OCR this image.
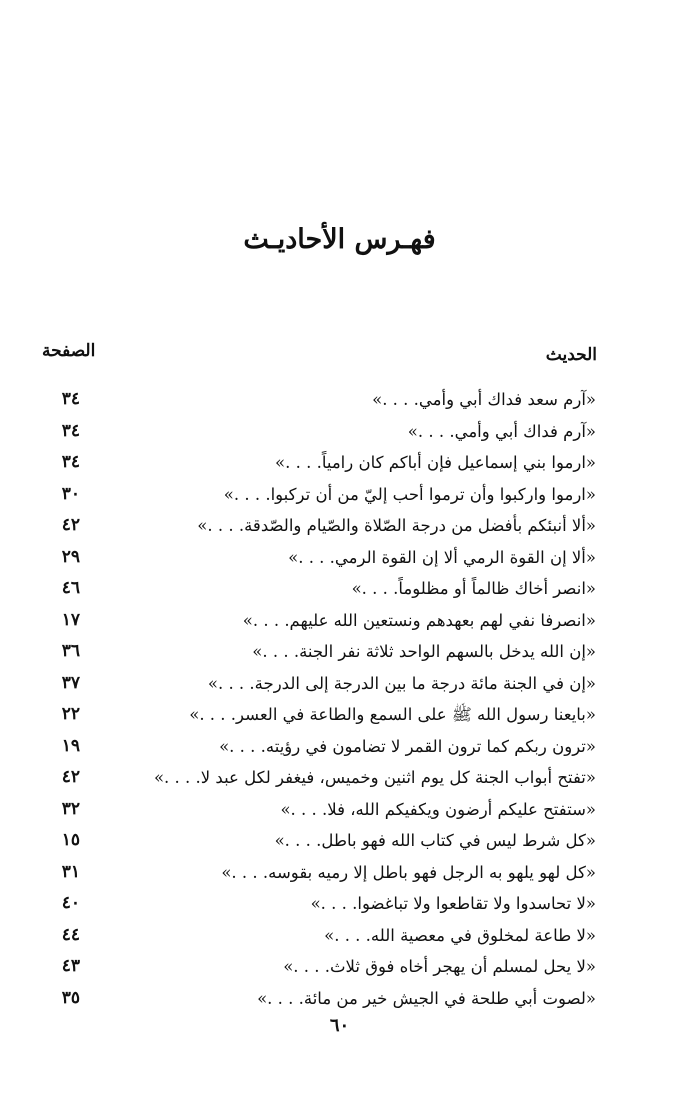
فهـرس الأحاديـث
الحديث
الصفحة
«آرم سعد فداك أبي وأمي. . . .»
٣٤
«آرم فداك أبي وأمي. . . .»
٣٤
«ارموا بني إسماعيل فإن أباكم كان رامياً. . . .»
٣٤
«ارموا واركبوا وأن ترموا أحب إليّ من أن تركبوا. . . .»
٣٠
«ألا أنبئكم بأفضل من درجة الصّلاة والصّيام والصّدقة. . . .»
٤٢
«ألا إن القوة الرمي ألا إن القوة الرمي. . . .»
٢٩
«انصر أخاك ظالماً أو مظلوماً. . . .»
٤٦
«انصرفا نفي لهم بعهدهم ونستعين الله عليهم. . . .»
١٧
«إن الله يدخل بالسهم الواحد ثلاثة نفر الجنة. . . .»
٣٦
«إن في الجنة مائة درجة ما بين الدرجة إلى الدرجة. . . .»
٣٧
«بايعنا رسول الله ﷺ على السمع والطاعة في العسر. . . .»
٢٢
«ترون ربكم كما ترون القمر لا تضامون في رؤيته. . . .»
١٩
«تفتح أبواب الجنة كل يوم اثنين وخميس، فيغفر لكل عبد لا. . . .»
٤٢
«ستفتح عليكم أرضون ويكفيكم الله، فلا. . . .»
٣٢
«كل شرط ليس في كتاب الله فهو باطل. . . .»
١٥
«كل لهو يلهو به الرجل فهو باطل إلا رميه بقوسه. . . .»
٣١
«لا تحاسدوا ولا تقاطعوا ولا تباغضوا. . . .»
٤٠
«لا طاعة لمخلوق في معصية الله. . . .»
٤٤
«لا يحل لمسلم أن يهجر أخاه فوق ثلاث. . . .»
٤٣
«لصوت أبي طلحة في الجيش خير من مائة. . . .»
٣٥
٦٠
